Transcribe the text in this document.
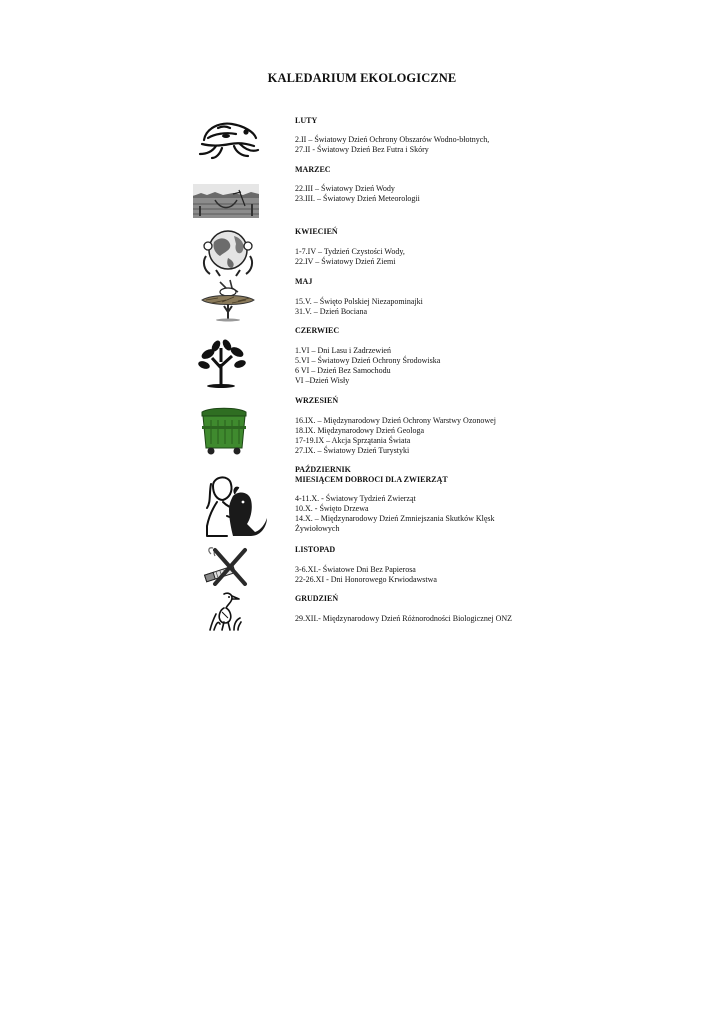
KALEDARIUM EKOLOGICZNE
LUTY
2.II – Światowy Dzień Ochrony Obszarów Wodno-błotnych,
27.II - Światowy Dzień Bez Futra i Skóry
MARZEC
22.III – Światowy Dzień Wody
23.III. – Światowy Dzień Meteorologii
KWIECIEŃ
1-7.IV – Tydzień Czystości Wody,
22.IV – Światowy Dzień Ziemi
MAJ
15.V. – Święto Polskiej Niezapominajki
31.V. – Dzień Bociana
CZERWIEC
1.VI – Dni Lasu i Zadrzewień
5.VI – Światowy Dzień Ochrony Środowiska
6 VI – Dzień Bez Samochodu
VI –Dzień Wisły
WRZESIEŃ
16.IX. – Międzynarodowy Dzień Ochrony Warstwy Ozonowej
18.IX. Międzynarodowy Dzień Geologa
17-19.IX – Akcja Sprzątania Świata
27.IX. – Światowy Dzień Turystyki
PAŹDZIERNIK
MIESIĄCEM DOBROCI DLA ZWIERZĄT
4-11.X. - Światowy Tydzień Zwierząt
10.X. - Święto Drzewa
14.X. – Międzynarodowy Dzień Zmniejszania Skutków Klęsk
Żywiołowych
LISTOPAD
3-6.XI.- Światowe Dni Bez Papierosa
22-26.XI - Dni Honorowego Krwiodawstwa
GRUDZIEŃ
29.XII.- Międzynarodowy Dzień Różnorodności Biologicznej ONZ
